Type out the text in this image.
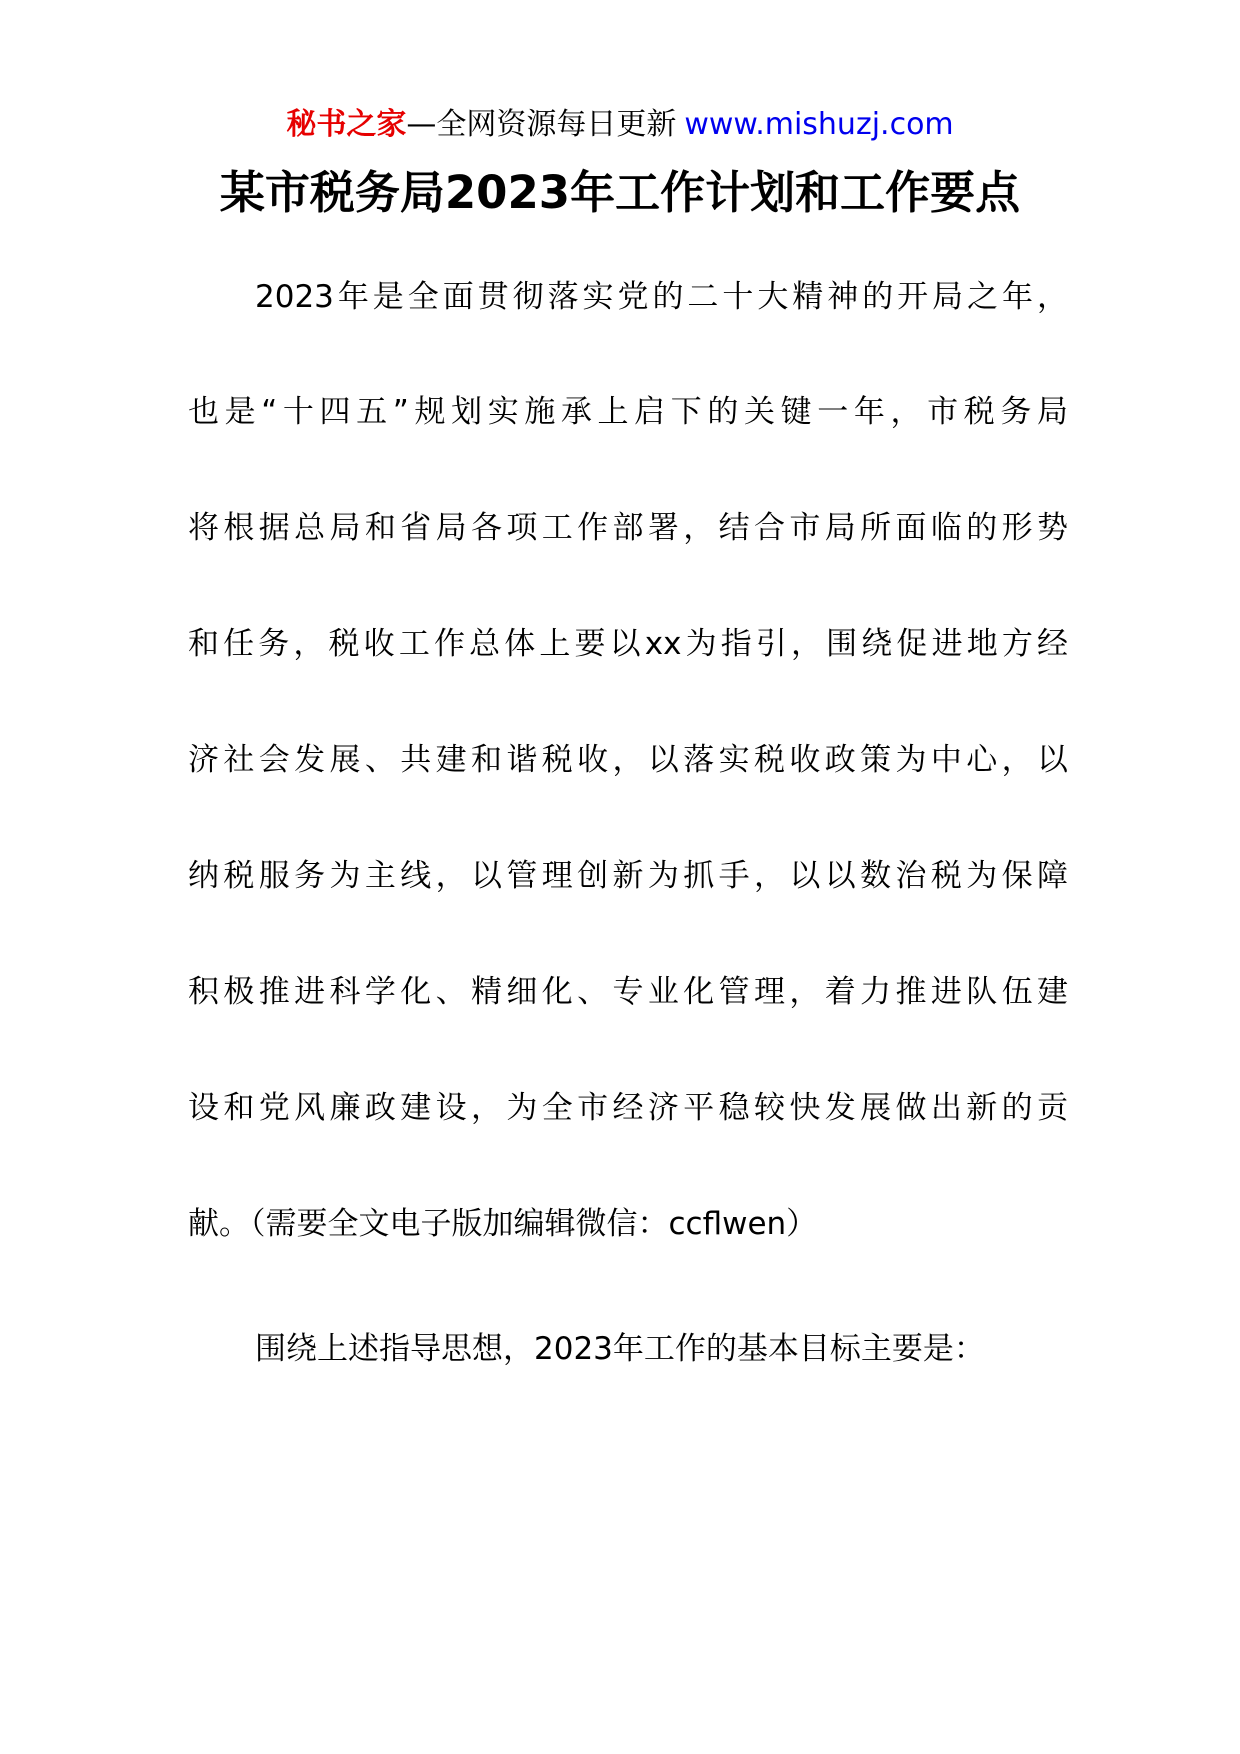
秘书之家—全网资源每日更新 www.mishuzj.com
某市税务局2023年工作计划和工作要点
2023年是全面贯彻落实党的二十大精神的开局之年，
也是“十四五”规划实施承上启下的关键一年，市税务局
将根据总局和省局各项工作部署，结合市局所面临的形势
和任务，税收工作总体上要以xx为指引，围绕促进地方经
济社会发展、共建和谐税收，以落实税收政策为中心，以
纳税服务为主线，以管理创新为抓手，以以数治税为保障
积极推进科学化、精细化、专业化管理，着力推进队伍建
设和党风廉政建设，为全市经济平稳较快发展做出新的贡
献。（需要全文电子版加编辑微信：ccflwen）
围绕上述指导思想，2023年工作的基本目标主要是：
